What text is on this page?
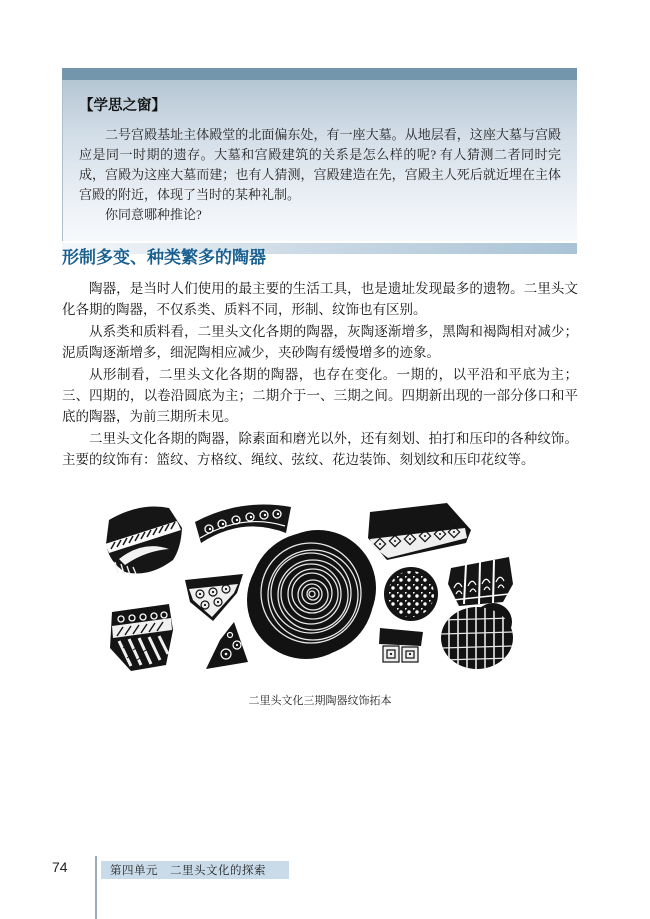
【学思之窗】

二号宫殿基址主体殿堂的北面偏东处，有一座大墓。从地层看，这座大墓与宫殿应是同一时期的遗存。大墓和宫殿建筑的关系是怎么样的呢? 有人猜测二者同时完成，宫殿为这座大墓而建；也有人猜测，宫殿建造在先，宫殿主人死后就近埋在主体宫殿的附近，体现了当时的某种礼制。

你同意哪种推论?

形制多变、种类繁多的陶器

陶器，是当时人们使用的最主要的生活工具，也是遗址发现最多的遗物。二里头文化各期的陶器，不仅系类、质料不同，形制、纹饰也有区别。

从系类和质料看，二里头文化各期的陶器，灰陶逐渐增多，黑陶和褐陶相对减少；泥质陶逐渐增多，细泥陶相应减少，夹砂陶有缓慢增多的迹象。

从形制看，二里头文化各期的陶器，也存在变化。一期的，以平沿和平底为主；三、四期的，以卷沿圆底为主；二期介于一、三期之间。四期新出现的一部分侈口和平底的陶器，为前三期所未见。

二里头文化各期的陶器，除素面和磨光以外，还有刻划、拍打和压印的各种纹饰。主要的纹饰有：篮纹、方格纹、绳纹、弦纹、花边装饰、刻划纹和压印花纹等。

二里头文化三期陶器纹饰拓本
74	第四单元　二里头文化的探索
